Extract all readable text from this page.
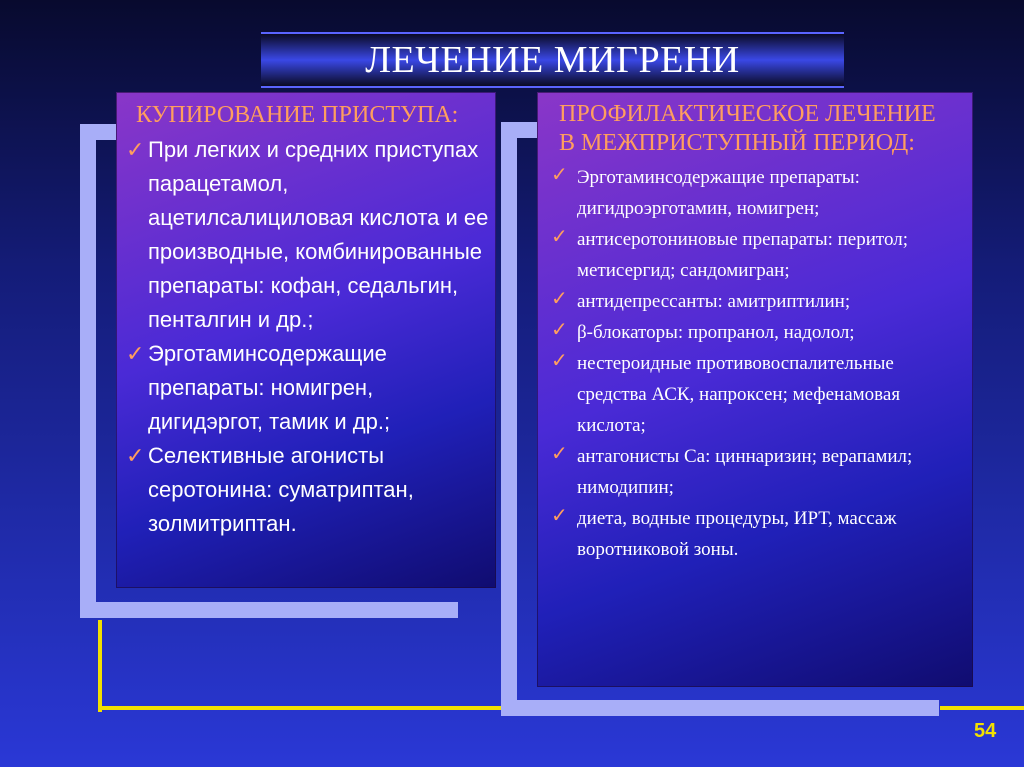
ЛЕЧЕНИЕ МИГРЕНИ

КУПИРОВАНИЕ ПРИСТУПА:

✓ При легких и средних приступах парацетамол, ацетилсалициловая кислота и ее производные, комбинированные препараты: кофан, седальгин, пенталгин и др.;
✓ Эрготаминсодержащие препараты: номигрен, дигидэргот, тамик и др.;
✓ Селективные агонисты серотонина: суматриптан, золмитриптан.

ПРОФИЛАКТИЧЕСКОЕ ЛЕЧЕНИЕ
В МЕЖПРИСТУПНЫЙ ПЕРИОД:

✓ Эрготаминсодержащие препараты: дигидроэрготамин, номигрен;
✓ антисеротониновые препараты: перитол; метисергид; сандомигран;
✓ антидепрессанты: амитриптилин;
✓ β-блокаторы: пропранол, надолол;
✓ нестероидные противовоспалительные средства АСК, напроксен; мефенамовая кислота;
✓ антагонисты Са: циннаризин; верапамил; нимодипин;
✓ диета, водные процедуры, ИРТ, массаж воротниковой зоны.
54
